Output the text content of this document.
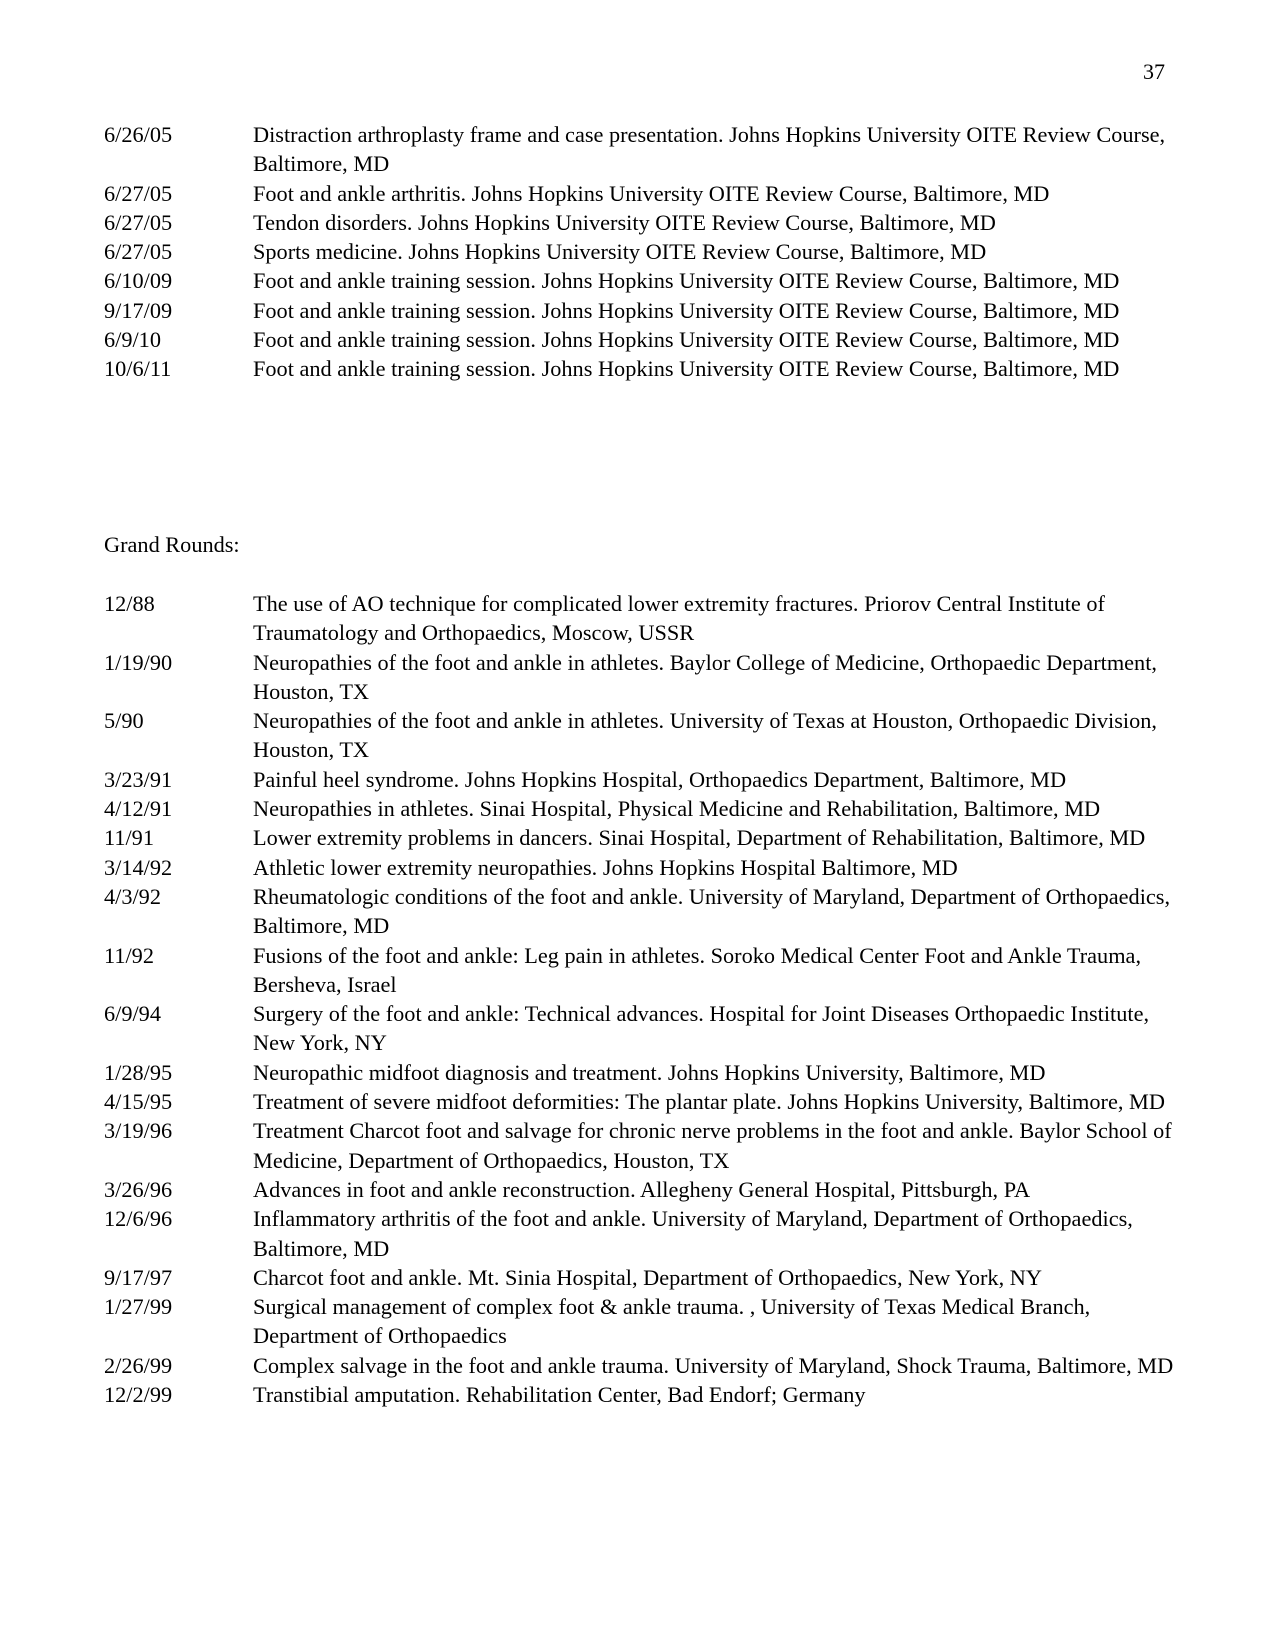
37
6/26/05	Distraction arthroplasty frame and case presentation. Johns Hopkins University OITE Review Course, Baltimore, MD
6/27/05	Foot and ankle arthritis. Johns Hopkins University OITE Review Course, Baltimore, MD
6/27/05	Tendon disorders. Johns Hopkins University OITE Review Course, Baltimore, MD
6/27/05	Sports medicine. Johns Hopkins University OITE Review Course, Baltimore, MD
6/10/09	Foot and ankle training session. Johns Hopkins University OITE Review Course, Baltimore, MD
9/17/09	Foot and ankle training session. Johns Hopkins University OITE Review Course, Baltimore, MD
6/9/10	Foot and ankle training session. Johns Hopkins University OITE Review Course, Baltimore, MD
10/6/11	Foot and ankle training session. Johns Hopkins University OITE Review Course, Baltimore, MD
Grand Rounds:
12/88	The use of AO technique for complicated lower extremity fractures. Priorov Central Institute of Traumatology and Orthopaedics, Moscow, USSR
1/19/90	Neuropathies of the foot and ankle in athletes. Baylor College of Medicine, Orthopaedic Department, Houston, TX
5/90	Neuropathies of the foot and ankle in athletes. University of Texas at Houston, Orthopaedic Division, Houston, TX
3/23/91	Painful heel syndrome. Johns Hopkins Hospital, Orthopaedics Department, Baltimore, MD
4/12/91	Neuropathies in athletes. Sinai Hospital, Physical Medicine and Rehabilitation, Baltimore, MD
11/91	Lower extremity problems in dancers. Sinai Hospital, Department of Rehabilitation, Baltimore, MD
3/14/92	Athletic lower extremity neuropathies. Johns Hopkins Hospital Baltimore, MD
4/3/92	Rheumatologic conditions of the foot and ankle. University of Maryland, Department of Orthopaedics, Baltimore, MD
11/92	Fusions of the foot and ankle: Leg pain in athletes. Soroko Medical Center Foot and Ankle Trauma, Bersheva, Israel
6/9/94	Surgery of the foot and ankle: Technical advances. Hospital for Joint Diseases Orthopaedic Institute, New York, NY
1/28/95	Neuropathic midfoot diagnosis and treatment. Johns Hopkins University, Baltimore, MD
4/15/95	Treatment of severe midfoot deformities: The plantar plate. Johns Hopkins University, Baltimore, MD
3/19/96	Treatment Charcot foot and salvage for chronic nerve problems in the foot and ankle. Baylor School of Medicine, Department of Orthopaedics, Houston, TX
3/26/96	Advances in foot and ankle reconstruction. Allegheny General Hospital, Pittsburgh, PA
12/6/96	Inflammatory arthritis of the foot and ankle. University of Maryland, Department of Orthopaedics, Baltimore, MD
9/17/97	Charcot foot and ankle. Mt. Sinia Hospital, Department of Orthopaedics, New York, NY
1/27/99	Surgical management of complex foot & ankle trauma. , University of Texas Medical Branch, Department of Orthopaedics
2/26/99	Complex salvage in the foot and ankle trauma. University of Maryland, Shock Trauma, Baltimore, MD
12/2/99	Transtibial amputation. Rehabilitation Center, Bad Endorf; Germany
